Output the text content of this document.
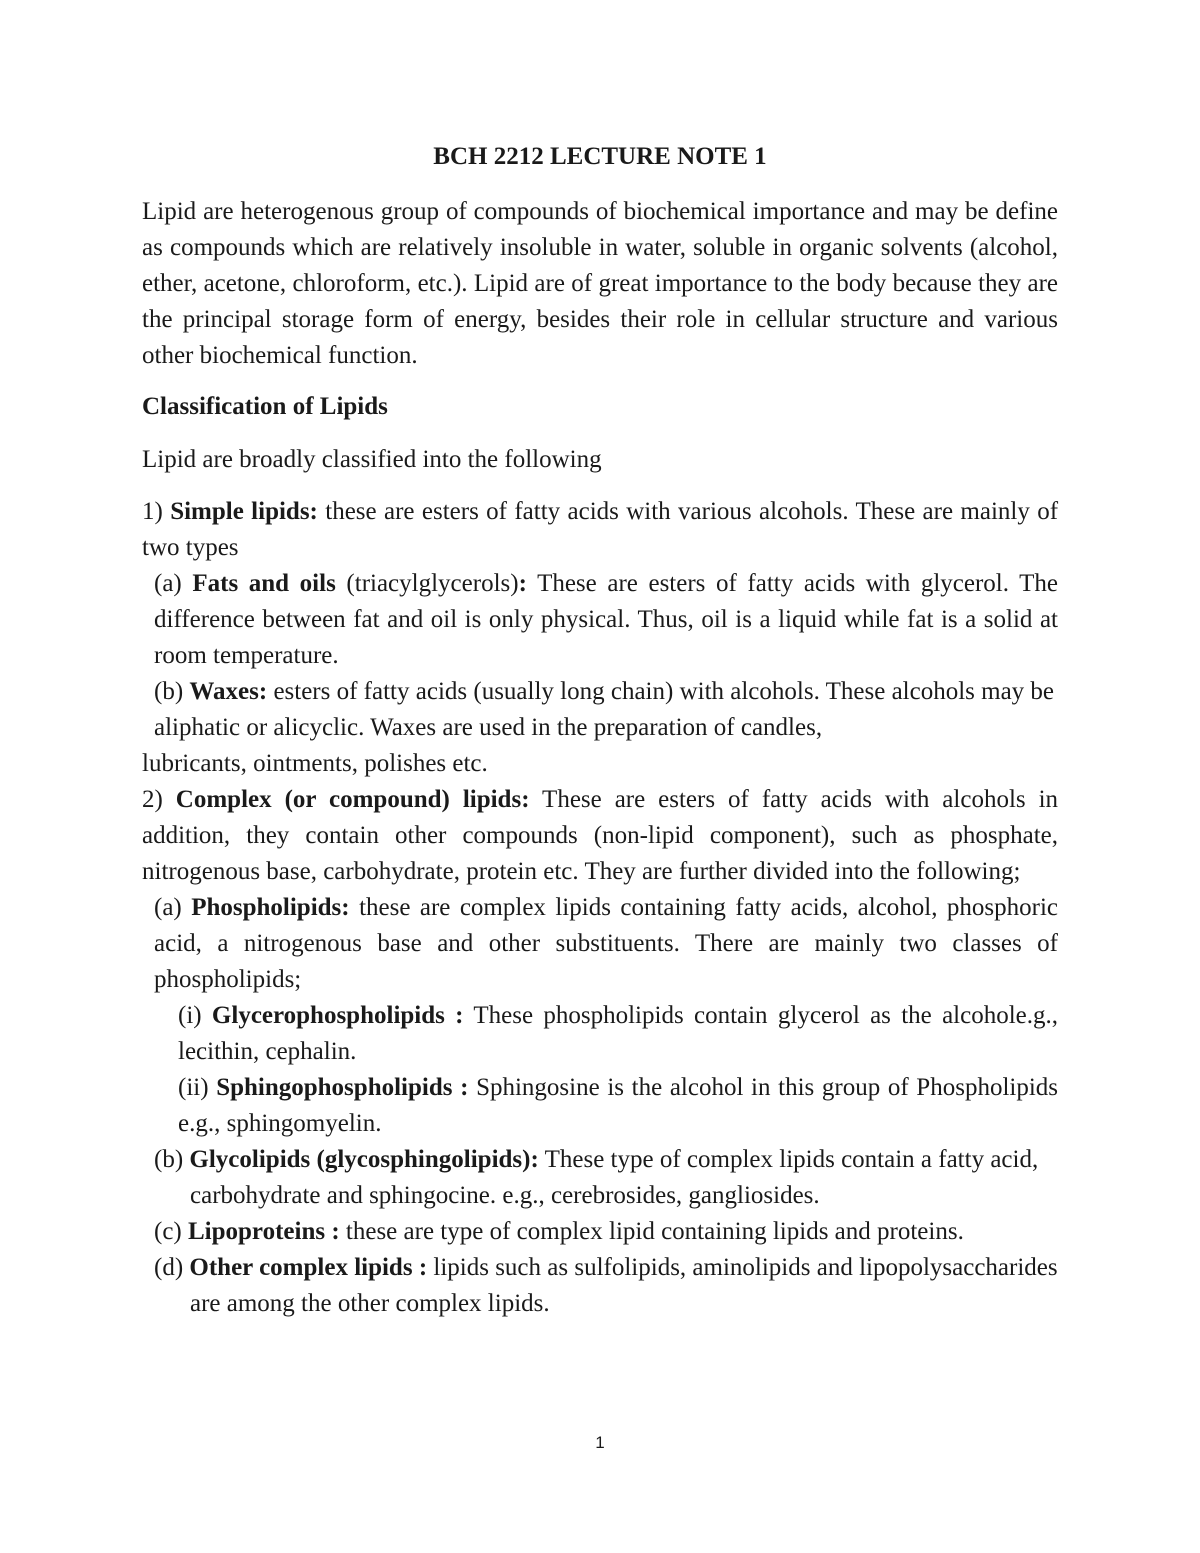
BCH 2212 LECTURE NOTE 1
Lipid are heterogenous group of compounds of biochemical importance and may be define as compounds which are relatively insoluble in water, soluble in organic solvents (alcohol, ether, acetone, chloroform, etc.). Lipid are of great importance to the body because they are the principal storage form of energy, besides their role in cellular structure and various other biochemical function.
Classification of Lipids
Lipid are broadly classified into the following

1) Simple lipids: these are esters of fatty acids with various alcohols. These are mainly of two types

(a) Fats and oils (triacylglycerols): These are esters of fatty acids with glycerol. The difference between fat and oil is only physical. Thus, oil is a liquid while fat is a solid at room temperature.

(b) Waxes: esters of fatty acids (usually long chain) with alcohols. These alcohols may be aliphatic or alicyclic. Waxes are used in the preparation of candles,

lubricants, ointments, polishes etc.

2) Complex (or compound) lipids: These are esters of fatty acids with alcohols in addition, they contain other compounds (non-lipid component), such as phosphate, nitrogenous base, carbohydrate, protein etc. They are further divided into the following;

(a) Phospholipids: these are complex lipids containing fatty acids, alcohol, phosphoric acid, a nitrogenous base and other substituents. There are mainly two classes of phospholipids;

(i) Glycerophospholipids : These phospholipids contain glycerol as the alcohole.g., lecithin, cephalin.

(ii) Sphingophospholipids : Sphingosine is the alcohol in this group of Phospholipids e.g., sphingomyelin.

(b) Glycolipids (glycosphingolipids): These type of complex lipids contain a fatty acid, carbohydrate and sphingocine. e.g., cerebrosides, gangliosides.

(c) Lipoproteins : these are type of complex lipid containing lipids and proteins.

(d) Other complex lipids : lipids such as sulfolipids, aminolipids and lipopolysaccharides are among the other complex lipids.

1
